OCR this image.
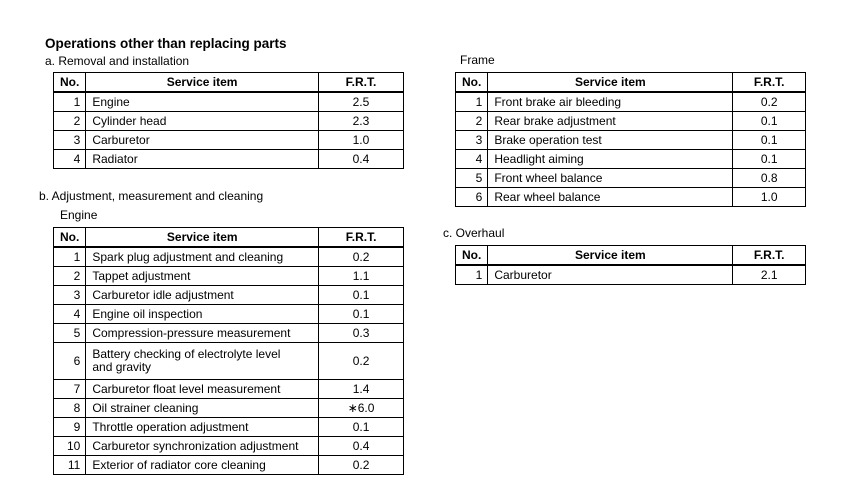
Operations other than replacing parts
a. Removal and installation
b. Adjustment, measurement and cleaning
Engine
Frame
c. Overhaul
No.	Service item	F.R.T.
1	Engine	2.5
2	Cylinder head	2.3
3	Carburetor	1.0
4	Radiator	0.4
No.	Service item	F.R.T.
1	Spark plug adjustment and cleaning	0.2
2	Tappet adjustment	1.1
3	Carburetor idle adjustment	0.1
4	Engine oil inspection	0.1
5	Compression-pressure measurement	0.3
6	Battery checking of electrolyte level
and gravity	0.2
7	Carburetor float level measurement	1.4
8	Oil strainer cleaning	∗6.0
9	Throttle operation adjustment	0.1
10	Carburetor synchronization adjustment	0.4
11	Exterior of radiator core cleaning	0.2
No.	Service item	F.R.T.
1	Front brake air bleeding	0.2
2	Rear brake adjustment	0.1
3	Brake operation test	0.1
4	Headlight aiming	0.1
5	Front wheel balance	0.8
6	Rear wheel balance	1.0
No.	Service item	F.R.T.
1	Carburetor	2.1
